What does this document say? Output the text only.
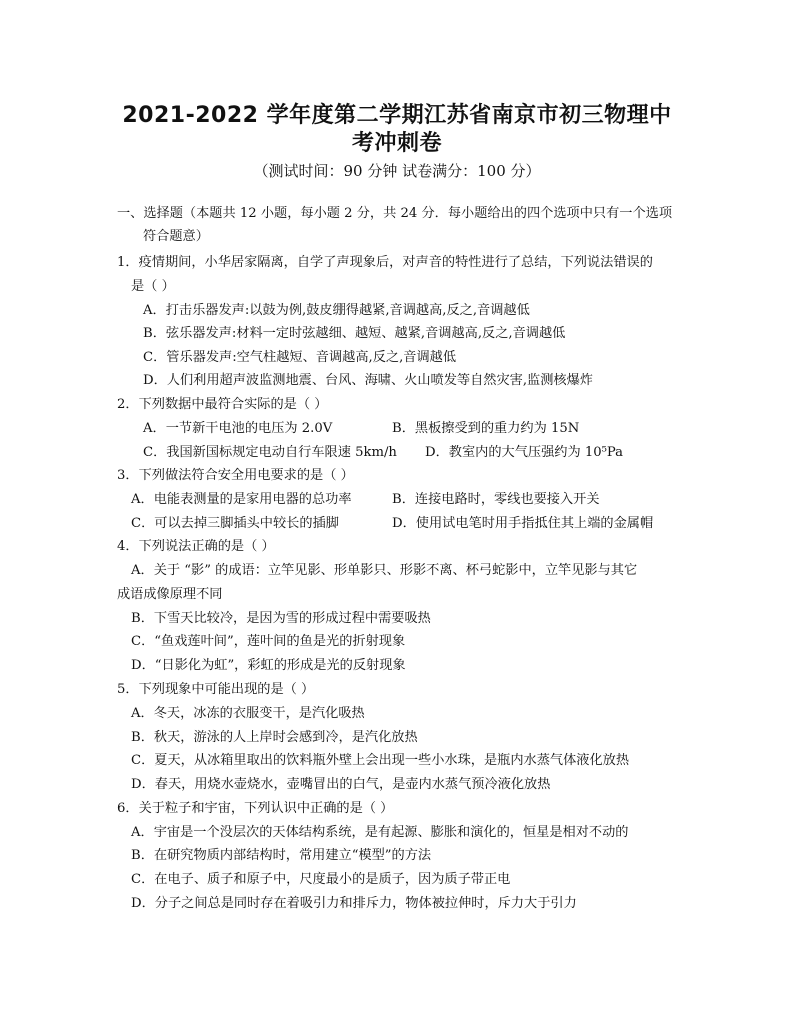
2021-2022 学年度第二学期江苏省南京市初三物理中
考冲刺卷
（测试时间：90 分钟 试卷满分：100 分）
一、选择题（本题共 12 小题，每小题 2 分，共 24 分．每小题给出的四个选项中只有一个选项
符合题意）
1．疫情期间，小华居家隔离，自学了声现象后，对声音的特性进行了总结，下列说法错误的
是（ ）
A．打击乐器发声:以鼓为例,鼓皮绷得越紧,音调越高,反之,音调越低
B．弦乐器发声:材料一定时弦越细、越短、越紧,音调越高,反之,音调越低
C．管乐器发声:空气柱越短、音调越高,反之,音调越低
D．人们利用超声波监测地震、台风、海啸、火山喷发等自然灾害,监测核爆炸
2．下列数据中最符合实际的是（ ）
A．一节新干电池的电压为 2.0V	B．黑板擦受到的重力约为 15N
C．我国新国标规定电动自行车限速 5km/h D．教室内的大气压强约为 10⁵Pa
3．下列做法符合安全用电要求的是（ ）
A．电能表测量的是家用电器的总功率	B．连接电路时，零线也要接入开关
C．可以去掉三脚插头中较长的插脚	D．使用试电笔时用手指抵住其上端的金属帽
4．下列说法正确的是（ ）
A．关于 “影” 的成语：立竿见影、形单影只、形影不离、杯弓蛇影中，立竿见影与其它
成语成像原理不同
B．下雪天比较冷，是因为雪的形成过程中需要吸热
C．“鱼戏莲叶间”，莲叶间的鱼是光的折射现象
D．“日影化为虹”，彩虹的形成是光的反射现象
5．下列现象中可能出现的是（ ）
A．冬天，冰冻的衣服变干，是汽化吸热
B．秋天，游泳的人上岸时会感到冷，是汽化放热
C．夏天，从冰箱里取出的饮料瓶外壁上会出现一些小水珠，是瓶内水蒸气体液化放热
D．春天，用烧水壶烧水，壶嘴冒出的白气，是壶内水蒸气预冷液化放热
6．关于粒子和宇宙，下列认识中正确的是（ ）
A．宇宙是一个没层次的天体结构系统，是有起源、膨胀和演化的，恒星是相对不动的
B．在研究物质内部结构时，常用建立“模型”的方法
C．在电子、质子和原子中，尺度最小的是质子，因为质子带正电
D．分子之间总是同时存在着吸引力和排斥力，物体被拉伸时，斥力大于引力
